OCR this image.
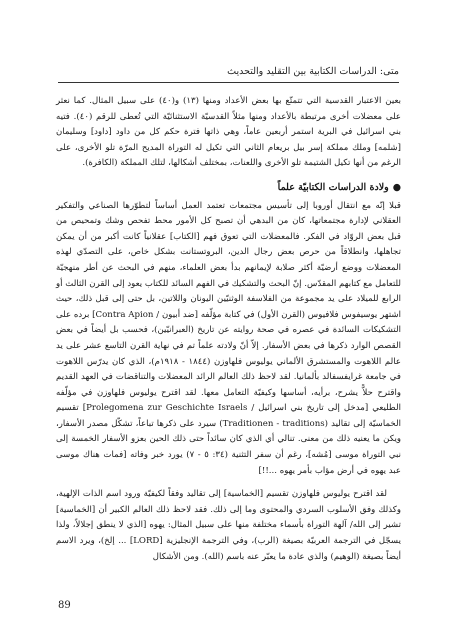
متى: الدراسات الكتابية بين التقليد والتحديث

بعين الاعتبار القدسية التي تتمتّع بها بعض الأعداد ومنها (١٣) و(٤٠) على سبيل المثال. كما نعثر على معضلات أخرى مرتبطة بالأعداد ومنها مثلاً القدسيّة الاستثنائيّة التي تُعطى للرقم (٤٠). فتيه بني اسرائيل في البرية استمر أربعين عاماً، وهي ذاتها فترة حكم كل من داود [داود] وسليمان [شلمه] وملك مملكة إسر بيل بريعام الثاني التي تكيل له التوراة المديح المرّة تلو الأخرى، على الرغم من أنها تكيل الشتيمة تلو الأخرى واللعنات، بمختلف أشكالها، لتلك المملكة (الكافرة).

●ولادة الدراسات الكتابيّة علماً

قبلا إنّه مع انتقال أوروبا إلى تأسيس مجتمعات تعتمد العمل أساساً لتطوّرها الصناعي والتفكير العقلاني لإدارة مجتمعاتها، كان من البدهي أن تصبح كل الأمور محط تفحص وشك وتمحيص من قبل بعض الروّاد في الفكر. فالمعضلات التي تعوق فهم [الكتاب] عقلانياً كانت أكبر من أن يمكن تجاهلها، وانطلاقاً من حرص بعض رجال الدين، البروتستانت بشكل خاص، على التصدّي لهذه المعضلات ووضع أرضيّة أكثر صلابة لإيمانهم بدأ بعض العلماء، منهم في البحث عن أطر منهجيّة للتعامل مع كتابهم المقدّس. إنّ البحث والتشكيك في الفهم السائد للكتاب يعود إلى القرن الثالث أو الرابع للميلاد على يد مجموعة من الفلاسفة الوثنيّين اليونان واللاتين، بل حتى إلى قبل ذلك، حيث اشتهر يوسيفوس فلافيوس (القرن الأول) في كتابة مؤلّفه [ضد أبيون / Contra Apion] برده على التشكيكات السائدة في عصره في صحة روايته عن تاريخ (العبرانيّين)، فحسب بل أيضاً في بعض القصص الوارد ذكرها في بعض الأسفار. إلاّ أنّ ولادته علماً تم في نهاية القرن التاسع عشر على يد عالم اللاهوت والمستشرق الألماني يوليوس فلهاوزن (١٨٤٤ - ١٩١٨م)، الذي كان يدرّس اللاهوت في جامعة غرايفسفالد بألمانيا. لقد لاحظ ذلك العالم الرائد المعضلات والتناقضات في العهد القديم واقترح حلاًّ يشرح، برأيه، أساسها وكيفيّة التعامل معها. لقد اقترح يوليوس فلهاوزن في مؤلّفه الطليعي [مدخل إلى تاريخ بني اسرائيل / Prolegomena zur Geschichte Israels] تقسيم الخماسيّة إلى تقاليد (Traditionen - traditions) سيرد على ذكرها تباعاً، تشكّل مصدر الأسفار، ويكن ما يعنيه ذلك من معنى. تنالي أي الذي كان سائداً حتى ذلك الحين بعزو الأسفار الخمسة إلى نبي التوراة موسى [مُشه]، رغم أن سفر التثنية (٣٤: ٥ - ٧) يورد خبر وفاته [فمات هناك موسى عبد يهوه في أرض مؤاب بأمر يهوه ...!!]

لقد اقترح يوليوس فلهاوزن تقسيم [الخماسية] إلى تقاليد وفقاً لكيفيّة ورود اسم الذات الإلهية، وكذلك وفق الأسلوب السردي والمحتوى وما إلى ذلك. فقد لاحظ ذلك العالم الكبير أن [الخماسية] تشير إلى الله/ آلهة التوراة بأسماء مختلفة منها على سبيل المثال: يهوه [الذي لا ينطق إجلالاً، ولذا يسجّل في الترجمة العربيّة بصيغة (الرب)، وفي الترجمة الإنجليزية [LORD] ... إلخ)، ويرد الاسم أيضاً بصيغة (الوهيم) والذي عادة ما يعبّر عنه باسم (الله). ومن الأشكال

89
